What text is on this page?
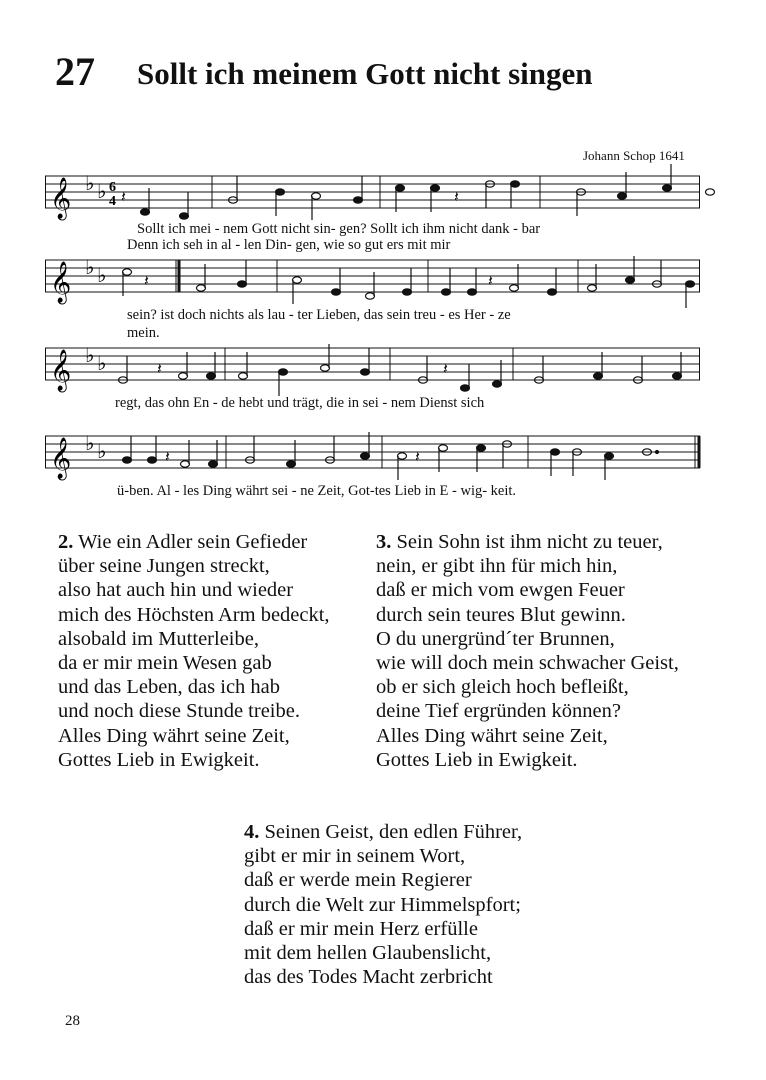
27 Sollt ich meinem Gott nicht singen
Johann Schop 1641
𝄞 ♭ ♭ 6
4 𝄽	𝄽
Sollt ich mei - nem Gott nicht sin- gen? Sollt ich ihm nicht dank - bar
Denn ich seh in al - len Din- gen, wie so gut ers mit mir
𝄞 ♭ ♭ 𝄽	𝄽
sein? ist doch nichts als lau - ter Lieben, das sein treu - es Her - ze
mein.
𝄞 ♭ ♭	𝄽	𝄽
regt, das ohn En - de hebt und trägt, die in sei - nem Dienst sich
𝄞 ♭ ♭	𝄽	𝄽
ü-ben. Al - les Ding währt sei - ne Zeit, Got-tes Lieb in E - wig- keit.
2. Wie ein Adler sein Gefieder
über seine Jungen streckt,
also hat auch hin und wieder
mich des Höchsten Arm bedeckt,
alsobald im Mutterleibe,
da er mir mein Wesen gab
und das Leben, das ich hab
und noch diese Stunde treibe.
Alles Ding währt seine Zeit,
Gottes Lieb in Ewigkeit.
3. Sein Sohn ist ihm nicht zu teuer,
nein, er gibt ihn für mich hin,
daß er mich vom ewgen Feuer
durch sein teures Blut gewinn.
O du unergründ´ter Brunnen,
wie will doch mein schwacher Geist,
ob er sich gleich hoch befleißt,
deine Tief ergründen können?
Alles Ding währt seine Zeit,
Gottes Lieb in Ewigkeit.
4. Seinen Geist, den edlen Führer,
gibt er mir in seinem Wort,
daß er werde mein Regierer
durch die Welt zur Himmelspfort;
daß er mir mein Herz erfülle
mit dem hellen Glaubenslicht,
das des Todes Macht zerbricht
28
